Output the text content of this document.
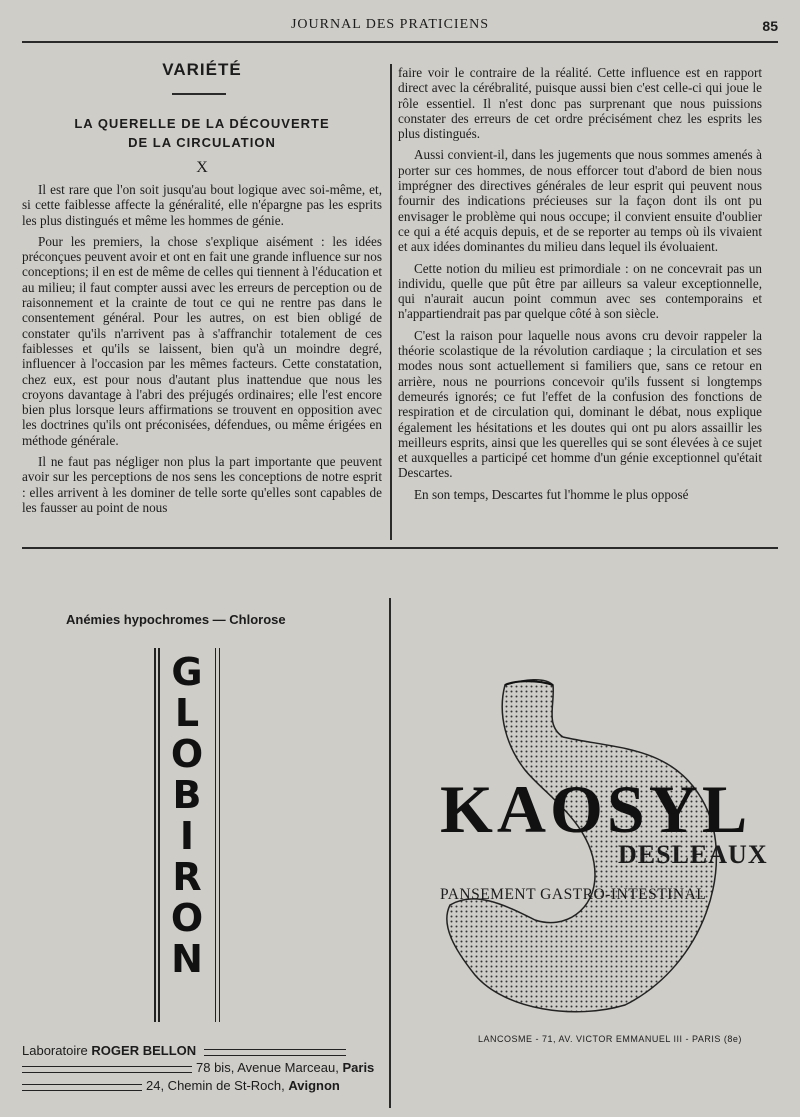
JOURNAL DES PRATICIENS	85
VARIÉTÉ
LA QUERELLE DE LA DÉCOUVERTE
DE LA CIRCULATION
X

Il est rare que l'on soit jusqu'au bout logique avec soi-même, et, si cette faiblesse affecte la généralité, elle n'épargne pas les esprits les plus distingués et même les hommes de génie.

Pour les premiers, la chose s'explique aisément : les idées préconçues peuvent avoir et ont en fait une grande influence sur nos conceptions; il en est de même de celles qui tiennent à l'éducation et au milieu; il faut compter aussi avec les erreurs de perception ou de raisonnement et la crainte de tout ce qui ne rentre pas dans le consentement général. Pour les autres, on est bien obligé de constater qu'ils n'arrivent pas à s'affranchir totalement de ces faiblesses et qu'ils se laissent, bien qu'à un moindre degré, influencer à l'occasion par les mêmes facteurs. Cette constatation, chez eux, est pour nous d'autant plus inattendue que nous les croyons davantage à l'abri des préjugés ordinaires; elle l'est encore bien plus lorsque leurs affirmations se trouvent en opposition avec les doctrines qu'ils ont préconisées, défendues, ou même érigées en méthode générale.

Il ne faut pas négliger non plus la part importante que peuvent avoir sur les perceptions de nos sens les conceptions de notre esprit : elles arrivent à les dominer de telle sorte qu'elles sont capables de les fausser au point de nous

faire voir le contraire de la réalité. Cette influence est en rapport direct avec la cérébralité, puisque aussi bien c'est celle-ci qui joue le rôle essentiel. Il n'est donc pas surprenant que nous puissions constater des erreurs de cet ordre précisément chez les esprits les plus distingués.

Aussi convient-il, dans les jugements que nous sommes amenés à porter sur ces hommes, de nous efforcer tout d'abord de bien nous imprégner des directives générales de leur esprit qui peuvent nous fournir des indications précieuses sur la façon dont ils ont pu envisager le problème qui nous occupe; il convient ensuite d'oublier ce qui a été acquis depuis, et de se reporter au temps où ils vivaient et aux idées dominantes du milieu dans lequel ils évoluaient.

Cette notion du milieu est primordiale : on ne concevrait pas un individu, quelle que pût être par ailleurs sa valeur exceptionnelle, qui n'aurait aucun point commun avec ses contemporains et n'appartiendrait pas par quelque côté à son siècle.

C'est la raison pour laquelle nous avons cru devoir rappeler la théorie scolastique de la révolution cardiaque ; la circulation et ses modes nous sont actuellement si familiers que, sans ce retour en arrière, nous ne pourrions concevoir qu'ils fussent si longtemps demeurés ignorés; ce fut l'effet de la confusion des fonctions de respiration et de circulation qui, dominant le débat, nous explique également les hésitations et les doutes qui ont pu alors assaillir les meilleurs esprits, ainsi que les querelles qui se sont élevées à ce sujet et auxquelles a participé cet homme d'un génie exceptionnel qu'était Descartes.

En son temps, Descartes fut l'homme le plus opposé

Anémies hypochromes — Chlorose
G
L
O
B
I
R
O
N
Laboratoire ROGER BELLON
78 bis, Avenue Marceau, Paris
24, Chemin de St-Roch, Avignon
KAOSYL
DESLEAUX
PANSEMENT GASTRO-INTESTINAL
LANCOSME - 71, AV. VICTOR EMMANUEL III - PARIS (8e)
